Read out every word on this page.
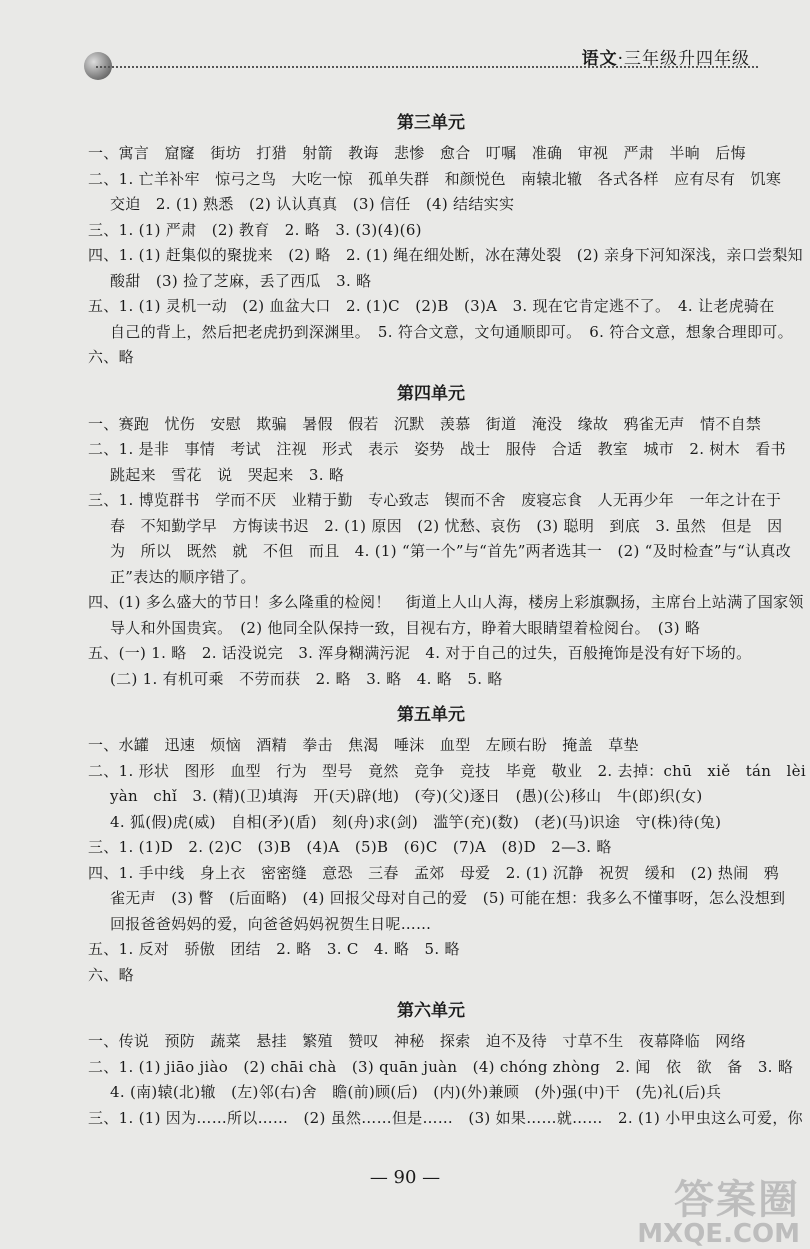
语文·三年级升四年级
第三单元
一、寓言　窟窿　街坊　打猎　射箭　教诲　悲惨　愈合　叮嘱　准确　审视　严肃　半晌　后悔
二、1. 亡羊补牢　惊弓之鸟　大吃一惊　孤单失群　和颜悦色　南辕北辙　各式各样　应有尽有　饥寒
交迫　2. (1) 熟悉　(2) 认认真真　(3) 信任　(4) 结结实实
三、1. (1) 严肃　(2) 教育　2. 略　3. (3)(4)(6)
四、1. (1) 赶集似的聚拢来　(2) 略　2. (1) 绳在细处断，冰在薄处裂　(2) 亲身下河知深浅，亲口尝梨知
酸甜　(3) 捡了芝麻，丢了西瓜　3. 略
五、1. (1) 灵机一动　(2) 血盆大口　2. (1)C　(2)B　(3)A　3. 现在它肯定逃不了。　4. 让老虎骑在
自己的背上，然后把老虎扔到深渊里。　5. 符合文意，文句通顺即可。　6. 符合文意，想象合理即可。
六、略
第四单元
一、赛跑　忧伤　安慰　欺骗　暑假　假若　沉默　羡慕　街道　淹没　缘故　鸦雀无声　情不自禁
二、1. 是非　事情　考试　注视　形式　表示　姿势　战士　服侍　合适　教室　城市　2. 树木　看书
跳起来　雪花　说　哭起来　3. 略
三、1. 博览群书　学而不厌　业精于勤　专心致志　锲而不舍　废寝忘食　人无再少年　一年之计在于
春　不知勤学早　方悔读书迟　2. (1) 原因　(2) 忧愁、哀伤　(3) 聪明　到底　3. 虽然　但是　因
为　所以　既然　就　不但　而且　4. (1) “第一个”与“首先”两者选其一　(2) “及时检查”与“认真改
正”表达的顺序错了。
四、(1) 多么盛大的节日！多么隆重的检阅！　街道上人山人海，楼房上彩旗飘扬，主席台上站满了国家领
导人和外国贵宾。　(2) 他同全队保持一致，目视右方，睁着大眼睛望着检阅台。　(3) 略
五、(一) 1. 略　2. 话没说完　3. 浑身糊满污泥　4. 对于自己的过失，百般掩饰是没有好下场的。
(二) 1. 有机可乘　不劳而获　2. 略　3. 略　4. 略　5. 略
第五单元
一、水罐　迅速　烦恼　酒精　拳击　焦渴　唾沫　血型　左顾右盼　掩盖　草垫
二、1. 形状　图形　血型　行为　型号　竟然　竞争　竞技　毕竟　敬业　2. 去掉：chū　xiě　tán　lèi
yàn　chǐ　3. (精)(卫)填海　开(天)辟(地)　(夸)(父)逐日　(愚)(公)移山　牛(郎)织(女)
4. 狐(假)虎(威)　自相(矛)(盾)　刻(舟)求(剑)　滥竽(充)(数)　(老)(马)识途　守(株)待(兔)
三、1. (1)D　2. (2)C　(3)B　(4)A　(5)B　(6)C　(7)A　(8)D　2—3. 略
四、1. 手中线　身上衣　密密缝　意恐　三春　孟郊　母爱　2. (1) 沉静　祝贺　缓和　(2) 热闹　鸦
雀无声　(3) 瞥　(后面略)　(4) 回报父母对自己的爱　(5) 可能在想：我多么不懂事呀，怎么没想到
回报爸爸妈妈的爱，向爸爸妈妈祝贺生日呢……
五、1. 反对　骄傲　团结　2. 略　3. C　4. 略　5. 略
六、略
第六单元
一、传说　预防　蔬菜　悬挂　繁殖　赞叹　神秘　探索　迫不及待　寸草不生　夜幕降临　网络
二、1. (1) jiāo jiào　(2) chāi chà　(3) quān juàn　(4) chóng zhòng　2. 闻　依　欲　备　3. 略
4. (南)辕(北)辙　(左)邻(右)舍　瞻(前)顾(后)　(内)(外)兼顾　(外)强(中)干　(先)礼(后)兵
三、1. (1) 因为……所以……　(2) 虽然……但是……　(3) 如果……就……　2. (1) 小甲虫这么可爱，你
— 90 —	答案圈
MXQE.COM
